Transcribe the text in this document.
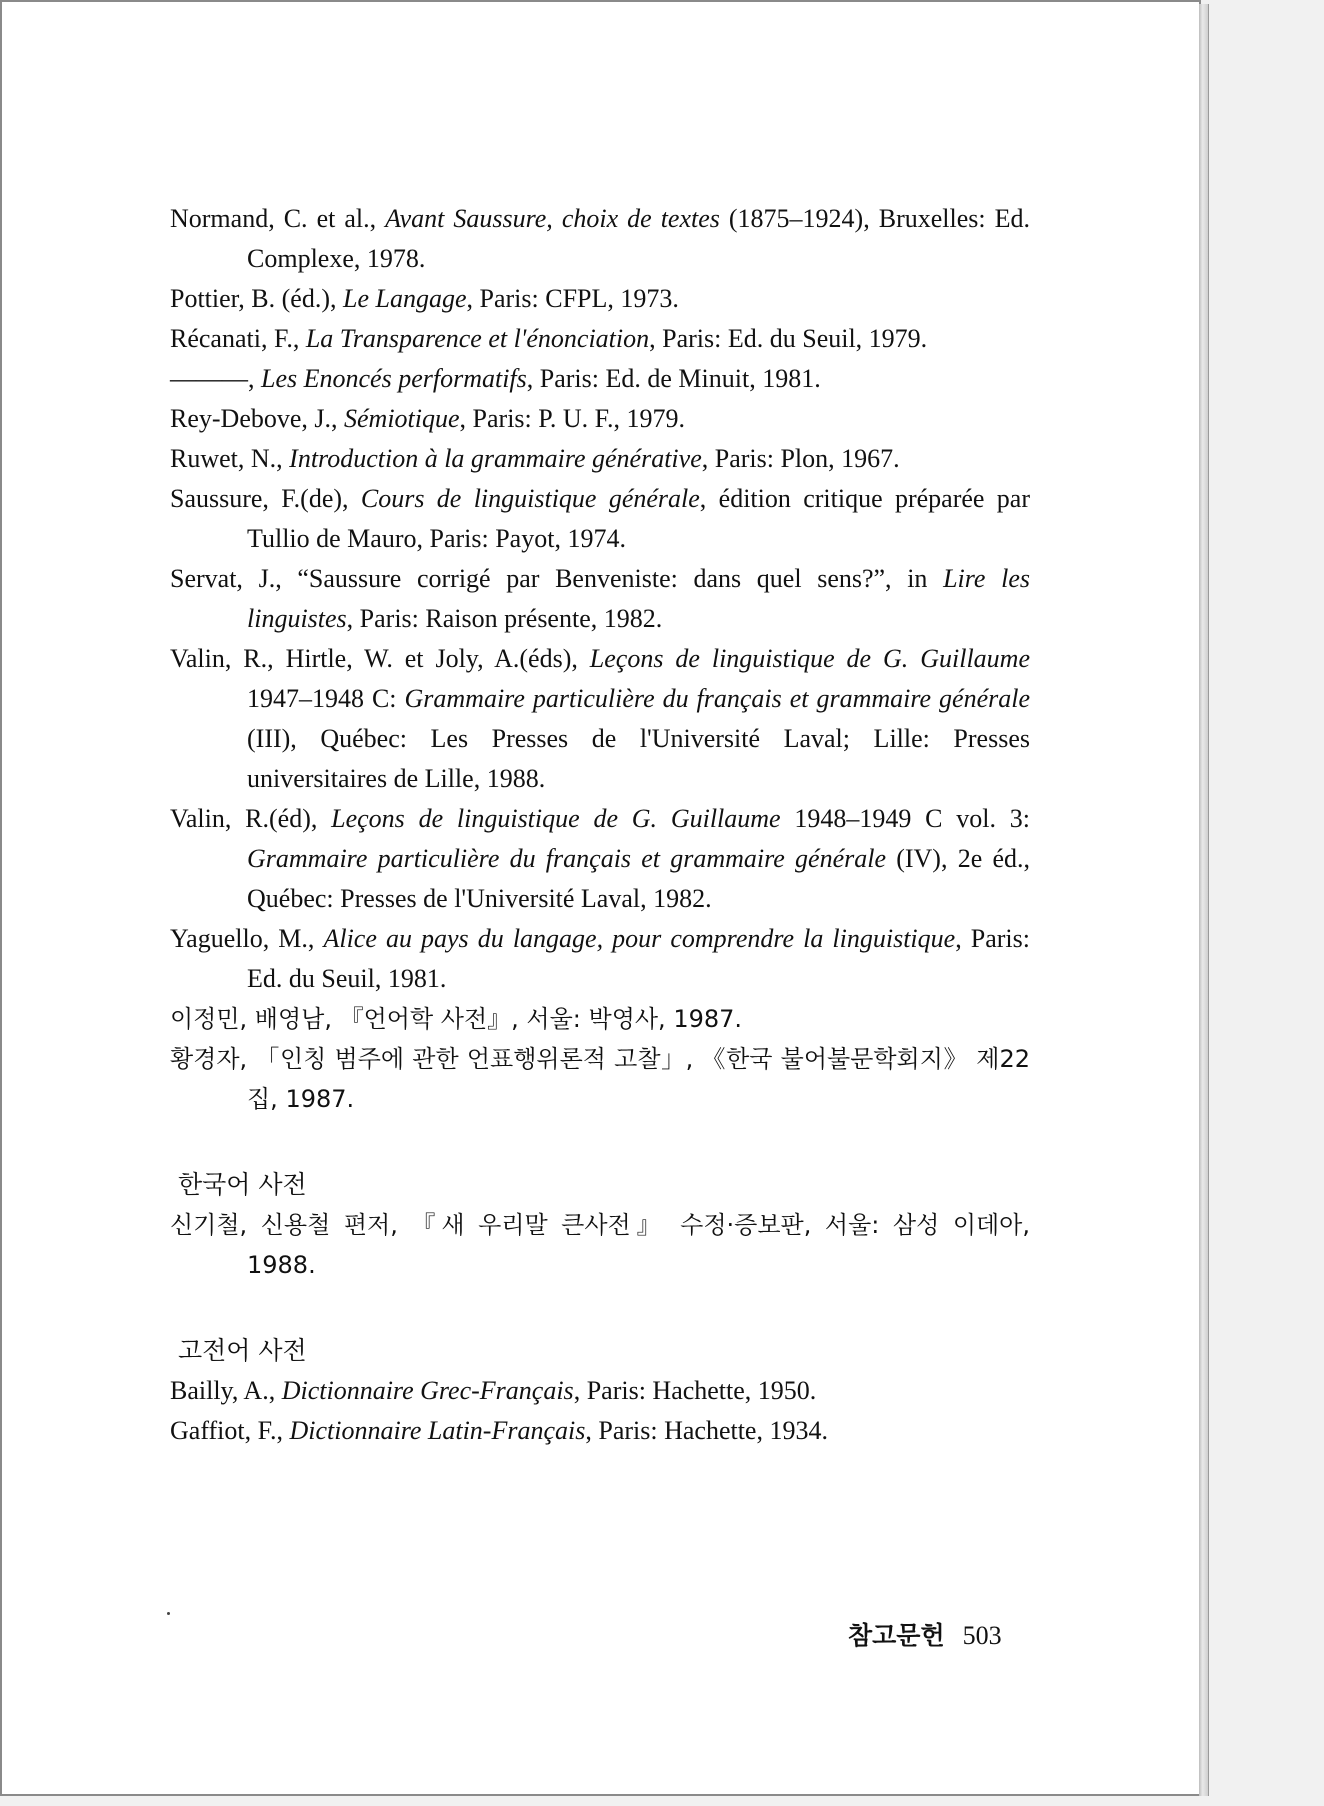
Normand, C. et al., Avant Saussure, choix de textes (1875–1924), Bruxelles: Ed. Complexe, 1978.

Pottier, B. (éd.), Le Langage, Paris: CFPL, 1973.

Récanati, F., La Transparence et l'énonciation, Paris: Ed. du Seuil, 1979.

———, Les Enoncés performatifs, Paris: Ed. de Minuit, 1981.

Rey-Debove, J., Sémiotique, Paris: P. U. F., 1979.

Ruwet, N., Introduction à la grammaire générative, Paris: Plon, 1967.

Saussure, F.(de), Cours de linguistique générale, édition critique préparée par Tullio de Mauro, Paris: Payot, 1974.

Servat, J., “Saussure corrigé par Benveniste: dans quel sens?”, in Lire les linguistes, Paris: Raison présente, 1982.

Valin, R., Hirtle, W. et Joly, A.(éds), Leçons de linguistique de G. Guillaume 1947–1948 C: Grammaire particulière du français et grammaire générale (III), Québec: Les Presses de l'Université Laval; Lille: Presses universitaires de Lille, 1988.

Valin, R.(éd), Leçons de linguistique de G. Guillaume 1948–1949 C vol. 3: Grammaire particulière du français et grammaire générale (IV), 2e éd., Québec: Presses de l'Université Laval, 1982.

Yaguello, M., Alice au pays du langage, pour comprendre la linguistique, Paris: Ed. du Seuil, 1981.

이정민, 배영남, 『언어학 사전』, 서울: 박영사, 1987.

황경자, 「인칭 범주에 관한 언표행위론적 고찰」, 《한국 불어불문학회지》 제22집, 1987.

한국어 사전

신기철, 신용철 편저, 『새 우리말 큰사전』 수정·증보판, 서울: 삼성 이데아, 1988.

고전어 사전

Bailly, A., Dictionnaire Grec-Français, Paris: Hachette, 1950.

Gaffiot, F., Dictionnaire Latin-Français, Paris: Hachette, 1934.

참고문헌 503
